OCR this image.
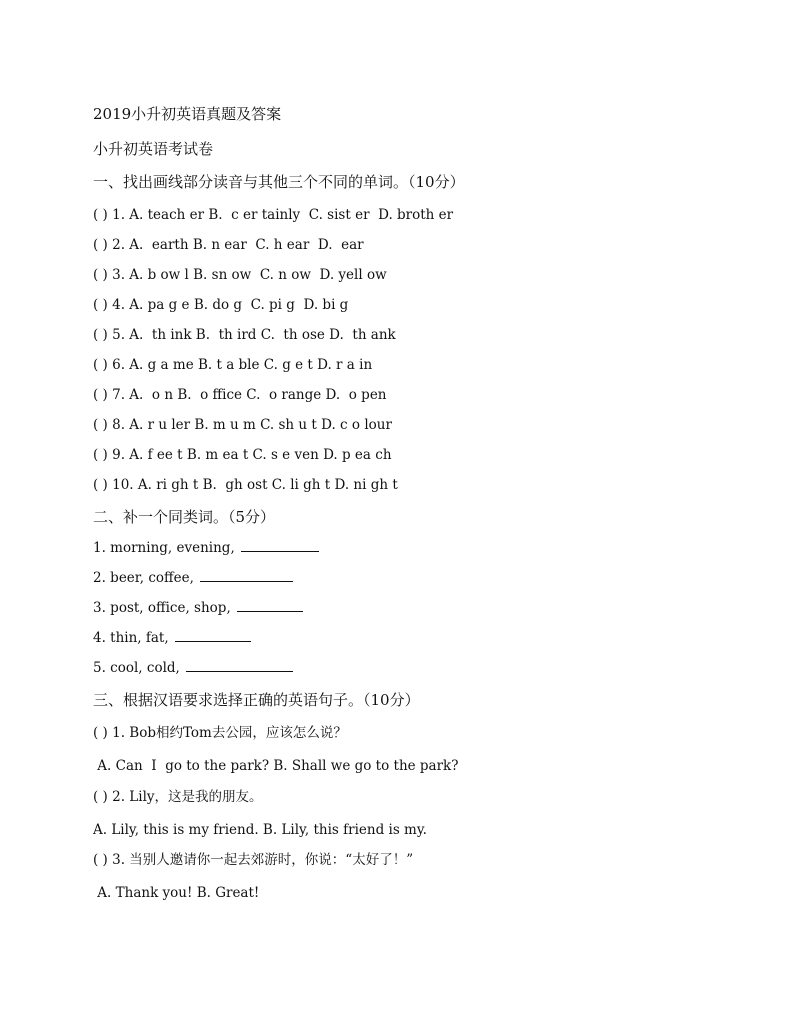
2019小升初英语真题及答案
小升初英语考试卷
一、找出画线部分读音与其他三个不同的单词。（10分）
( ) 1. A. teach er B.  c er tainly  C. sist er  D. broth er
( ) 2. A.  earth B. n ear  C. h ear  D.  ear
( ) 3. A. b ow l B. sn ow  C. n ow  D. yell ow
( ) 4. A. pa g e B. do g  C. pi g  D. bi g
( ) 5. A.  th ink B.  th ird C.  th ose D.  th ank
( ) 6. A. g a me B. t a ble C. g e t D. r a in
( ) 7. A.  o n B.  o ffice C.  o range D.  o pen
( ) 8. A. r u ler B. m u m C. sh u t D. c o lour
( ) 9. A. f ee t B. m ea t C. s e ven D. p ea ch
( ) 10. A. ri gh t B.  gh ost C. li gh t D. ni gh t
二、补一个同类词。（5分）
1. morning, evening,
2. beer, coffee,
3. post, office, shop,
4. thin, fat,
5. cool, cold,
三、根据汉语要求选择正确的英语句子。（10分）
( ) 1. Bob相约Tom去公园，应该怎么说？
A. Can  I  go to the park? B. Shall we go to the park?
( ) 2. Lily，这是我的朋友。
A. Lily, this is my friend. B. Lily, this friend is my.
( ) 3. 当别人邀请你一起去郊游时，你说：“太好了！”
A. Thank you! B. Great!
